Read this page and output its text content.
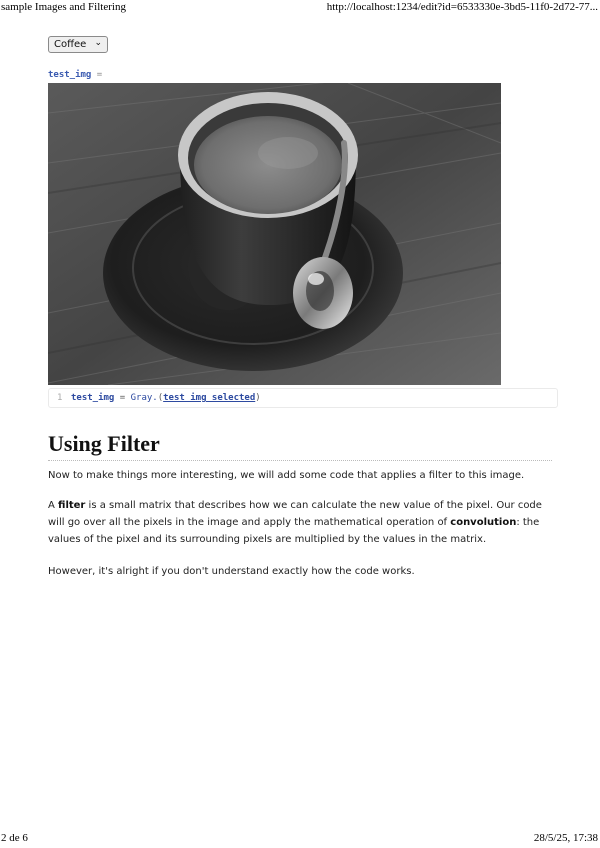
sample Images and Filtering	http://localhost:1234/edit?id=6533330e-3bd5-11f0-2d72-77...
Coffee ⌄
test_img =
1 test_img = Gray.(test_img_selected)
Using Filter

Now to make things more interesting, we will add some code that applies a filter to this image.

A filter is a small matrix that describes how we can calculate the new value of the pixel. Our code will go over all the pixels in the image and apply the mathematical operation of convolution: the values of the pixel and its surrounding pixels are multiplied by the values in the matrix.

However, it's alright if you don't understand exactly how the code works.

2 de 6	28/5/25, 17:38
